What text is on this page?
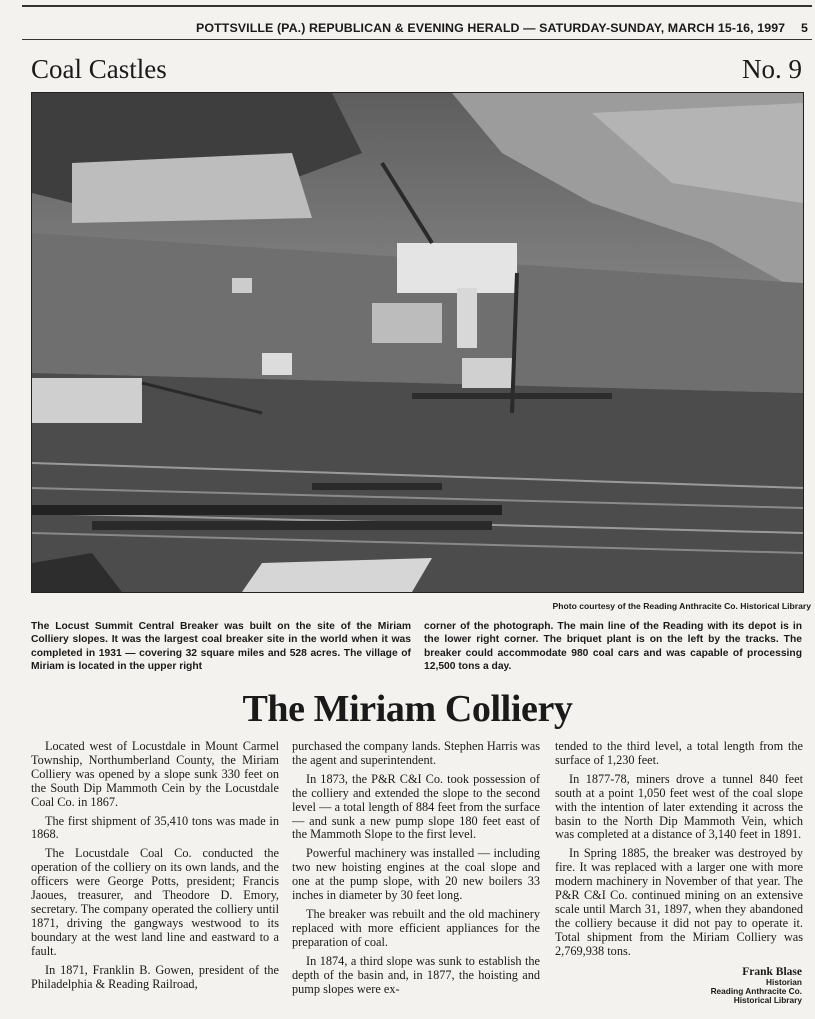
POTTSVILLE (PA.) REPUBLICAN & EVENING HERALD — SATURDAY-SUNDAY, MARCH 15-16, 1997 5
Coal Castles	No. 9
Photo courtesy of the Reading Anthracite Co. Historical Library
The Locust Summit Central Breaker was built on the site of the Miriam Colliery slopes. It was the largest coal breaker site in the world when it was completed in 1931 — covering 32 square miles and 528 acres. The village of Miriam is located in the upper right
corner of the photograph. The main line of the Reading with its depot is in the lower right corner. The briquet plant is on the left by the tracks. The breaker could accommodate 980 coal cars and was capable of processing 12,500 tons a day.
The Miriam Colliery

Located west of Locustdale in Mount Carmel Township, Northumberland County, the Miriam Colliery was opened by a slope sunk 330 feet on the South Dip Mammoth Cein by the Locustdale Coal Co. in 1867.

The first shipment of 35,410 tons was made in 1868.

The Locustdale Coal Co. conducted the operation of the colliery on its own lands, and the officers were George Potts, president; Francis Jaoues, treasurer, and Theodore D. Emory, secretary. The company operated the colliery until 1871, driving the gangways westwood to its boundary at the west land line and eastward to a fault.

In 1871, Franklin B. Gowen, president of the Philadelphia & Reading Railroad,

purchased the company lands. Stephen Harris was the agent and superintendent.

In 1873, the P&R C&I Co. took possession of the colliery and extended the slope to the second level — a total length of 884 feet from the surface — and sunk a new pump slope 180 feet east of the Mammoth Slope to the first level.

Powerful machinery was installed — including two new hoisting engines at the coal slope and one at the pump slope, with 20 new boilers 33 inches in diameter by 30 feet long.

The breaker was rebuilt and the old machinery replaced with more efficient appliances for the preparation of coal.

In 1874, a third slope was sunk to establish the depth of the basin and, in 1877, the hoisting and pump slopes were ex-

tended to the third level, a total length from the surface of 1,230 feet.

In 1877-78, miners drove a tunnel 840 feet south at a point 1,050 feet west of the coal slope with the intention of later extending it across the basin to the North Dip Mammoth Vein, which was completed at a distance of 3,140 feet in 1891.

In Spring 1885, the breaker was destroyed by fire. It was replaced with a larger one with more modern machinery in November of that year. The P&R C&I Co. continued mining on an extensive scale until March 31, 1897, when they abandoned the colliery because it did not pay to operate it. Total shipment from the Miriam Colliery was 2,769,938 tons.

Frank Blase
Historian
Reading Anthracite Co.
Historical Library
